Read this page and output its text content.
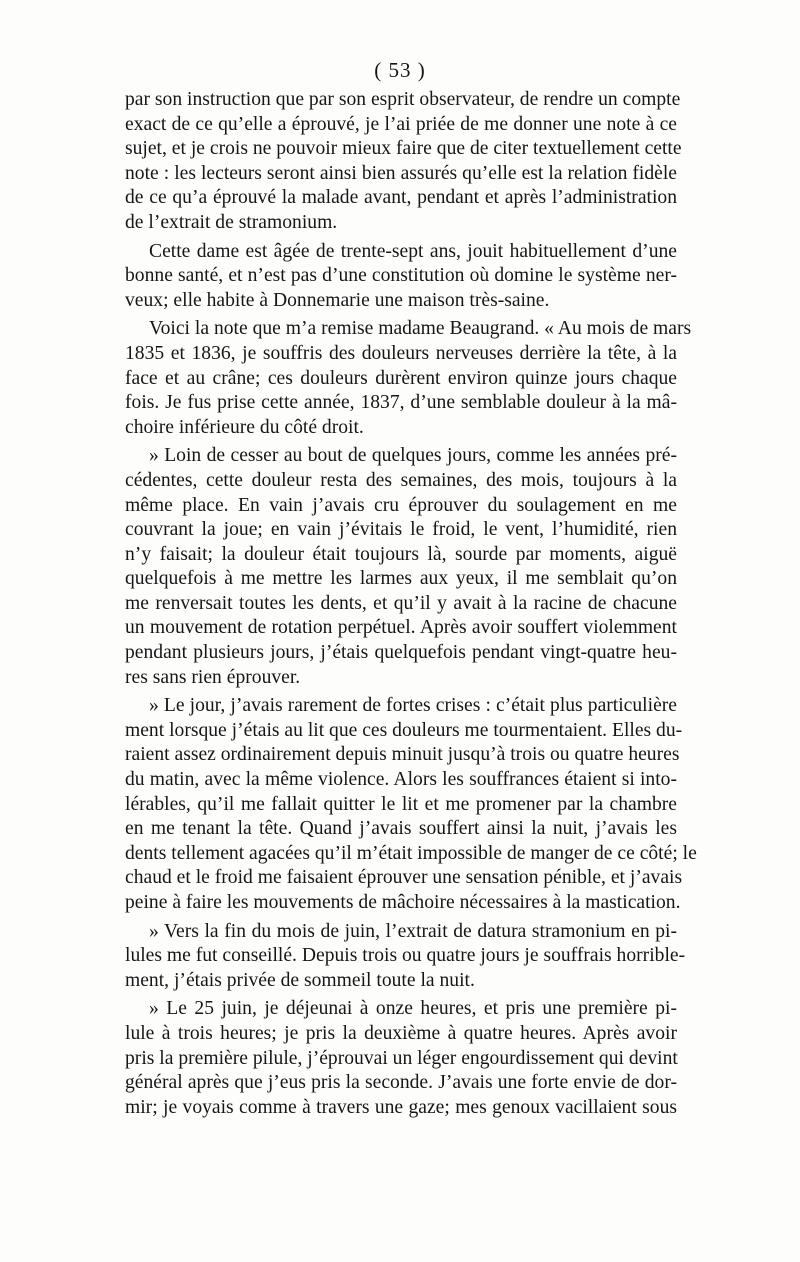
( 53 )
par son instruction que par son esprit observateur, de rendre un compte
exact de ce qu’elle a éprouvé, je l’ai priée de me donner une note à ce
sujet, et je crois ne pouvoir mieux faire que de citer textuellement cette
note : les lecteurs seront ainsi bien assurés qu’elle est la relation fidèle
de ce qu’a éprouvé la malade avant, pendant et après l’administration
de l’extrait de stramonium.
Cette dame est âgée de trente-sept ans, jouit habituellement d’une
bonne santé, et n’est pas d’une constitution où domine le système ner-
veux; elle habite à Donnemarie une maison très-saine.
Voici la note que m’a remise madame Beaugrand. « Au mois de mars
1835 et 1836, je souffris des douleurs nerveuses derrière la tête, à la
face et au crâne; ces douleurs durèrent environ quinze jours chaque
fois. Je fus prise cette année, 1837, d’une semblable douleur à la mâ-
choire inférieure du côté droit.
» Loin de cesser au bout de quelques jours, comme les années pré-
cédentes, cette douleur resta des semaines, des mois, toujours à la
même place. En vain j’avais cru éprouver du soulagement en me
couvrant la joue; en vain j’évitais le froid, le vent, l’humidité, rien
n’y faisait; la douleur était toujours là, sourde par moments, aiguë
quelquefois à me mettre les larmes aux yeux, il me semblait qu’on
me renversait toutes les dents, et qu’il y avait à la racine de chacune
un mouvement de rotation perpétuel. Après avoir souffert violemment
pendant plusieurs jours, j’étais quelquefois pendant vingt-quatre heu-
res sans rien éprouver.
» Le jour, j’avais rarement de fortes crises : c’était plus particulière
ment lorsque j’étais au lit que ces douleurs me tourmentaient. Elles du-
raient assez ordinairement depuis minuit jusqu’à trois ou quatre heures
du matin, avec la même violence. Alors les souffrances étaient si into-
lérables, qu’il me fallait quitter le lit et me promener par la chambre
en me tenant la tête. Quand j’avais souffert ainsi la nuit, j’avais les
dents tellement agacées qu’il m’était impossible de manger de ce côté; le
chaud et le froid me faisaient éprouver une sensation pénible, et j’avais
peine à faire les mouvements de mâchoire nécessaires à la mastication.
» Vers la fin du mois de juin, l’extrait de datura stramonium en pi-
lules me fut conseillé. Depuis trois ou quatre jours je souffrais horrible-
ment, j’étais privée de sommeil toute la nuit.
» Le 25 juin, je déjeunai à onze heures, et pris une première pi-
lule à trois heures; je pris la deuxième à quatre heures. Après avoir
pris la première pilule, j’éprouvai un léger engourdissement qui devint
général après que j’eus pris la seconde. J’avais une forte envie de dor-
mir; je voyais comme à travers une gaze; mes genoux vacillaient sous
